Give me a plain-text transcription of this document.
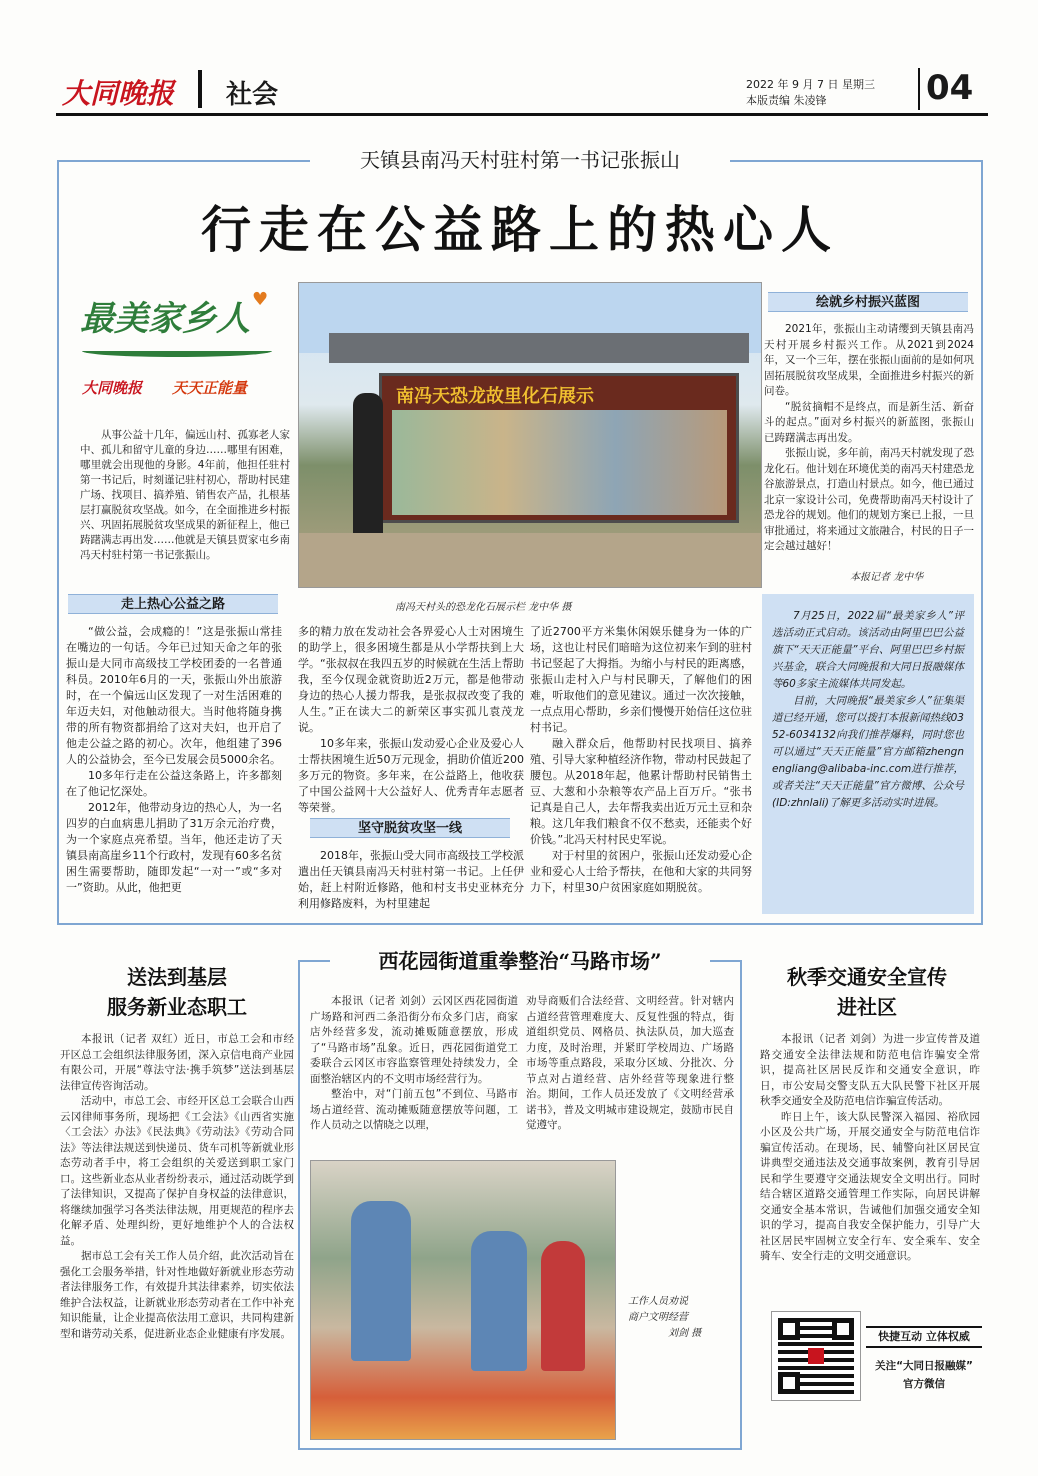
大同晚报	社会	2022 年 9 月 7 日 星期三
本版责编 朱凌锋	04
天镇县南冯天村驻村第一书记张振山
行走在公益路上的热心人
最美家乡人 ♥
大同晚报 天天正能量

从事公益十几年，偏远山村、孤寡老人家中、孤儿和留守儿童的身边……哪里有困难，哪里就会出现他的身影。4年前，他担任驻村第一书记后，时刻谨记驻村初心，帮助村民建广场、找项目、搞养殖、销售农产品，扎根基层打赢脱贫攻坚战。如今，在全面推进乡村振兴、巩固拓展脱贫攻坚成果的新征程上，他已踌躇满志再出发……他就是天镇县贾家屯乡南冯天村驻村第一书记张振山。

南冯天恐龙故里化石展示
南冯天村头的恐龙化石展示栏 龙中华 摄
走上热心公益之路

“做公益，会成瘾的！”这是张振山常挂在嘴边的一句话。今年已过知天命之年的张振山是大同市高级技工学校团委的一名普通科员。2010年6月的一天，张振山外出旅游时，在一个偏远山区发现了一对生活困难的年迈夫妇，对他触动很大。当时他将随身携带的所有物资都捐给了这对夫妇，也开启了他走公益之路的初心。次年，他组建了396人的公益协会，至今已发展会员5000余名。

10多年行走在公益这条路上，许多都刻在了他记忆深处。

2012年，他带动身边的热心人，为一名四岁的白血病患儿捐助了31万余元治疗费，为一个家庭点亮希望。当年，他还走访了天镇县南高崖乡11个行政村，发现有60多名贫困生需要帮助，随即发起“一对一”或“多对一”资助。从此，他把更

多的精力放在发动社会各界爱心人士对困境生的助学上，很多困境生都是从小学帮扶到上大学。“张叔叔在我四五岁的时候就在生活上帮助我，至今仅现金就资助近2万元，都是他带动身边的热心人援力帮我，是张叔叔改变了我的人生。”正在读大二的新荣区事实孤儿袁茂龙说。

10多年来，张振山发动爱心企业及爱心人士帮扶困境生近50万元现金，捐助价值近200多万元的物资。多年来，在公益路上，他收获了中国公益网十大公益好人、优秀青年志愿者等荣誉。

坚守脱贫攻坚一线

2018年，张振山受大同市高级技工学校派遣出任天镇县南冯天村驻村第一书记。上任伊始，赶上村附近修路，他和村支书史亚林充分利用修路废料，为村里建起

了近2700平方米集休闲娱乐健身为一体的广场，这也让村民们暗暗为这位初来乍到的驻村书记竖起了大拇指。为缩小与村民的距离感，张振山走村入户与村民聊天，了解他们的困难，听取他们的意见建议。通过一次次接触，一点点用心帮助，乡亲们慢慢开始信任这位驻村书记。

融入群众后，他帮助村民找项目、搞养殖、引导大家种植经济作物，带动村民鼓起了腰包。从2018年起，他累计帮助村民销售土豆、大葱和小杂粮等农产品上百万斤。“张书记真是自己人，去年帮我卖出近万元土豆和杂粮。这几年我们粮食不仅不愁卖，还能卖个好价钱。”北冯天村村民史军说。

对于村里的贫困户，张振山还发动爱心企业和爱心人士给予帮扶，在他和大家的共同努力下，村里30户贫困家庭如期脱贫。

绘就乡村振兴蓝图

2021年，张振山主动请缨到天镇县南冯天村开展乡村振兴工作。从2021到2024年，又一个三年，摆在张振山面前的是如何巩固拓展脱贫攻坚成果，全面推进乡村振兴的新问卷。

“脱贫摘帽不是终点，而是新生活、新奋斗的起点。”面对乡村振兴的新蓝图，张振山已踌躇满志再出发。

张振山说，多年前，南冯天村就发现了恐龙化石。他计划在环境优美的南冯天村建恐龙谷旅游景点，打造山村景点。如今，他已通过北京一家设计公司，免费帮助南冯天村设计了恐龙谷的规划。他们的规划方案已上报，一旦审批通过，将来通过文旅融合，村民的日子一定会越过越好！

本报记者 龙中华

7月25日，2022届“最美家乡人”评选活动正式启动。该活动由阿里巴巴公益旗下“天天正能量”平台、阿里巴巴乡村振兴基金，联合大同晚报和大同日报融媒体等60多家主流媒体共同发起。

目前，大同晚报“最美家乡人”征集渠道已经开通，您可以拨打本报新闻热线0352-6034132向我们推荐爆料，同时您也可以通过“天天正能量”官方邮箱zhengnengliang@alibaba-inc.com进行推荐，或者关注“天天正能量”官方微博、公众号(ID:zhnlali)了解更多活动实时进展。

送法到基层
服务新业态职工

本报讯（记者 双红）近日，市总工会和市经开区总工会组织法律服务团，深入京信电商产业园有限公司，开展“尊法守法·携手筑梦”送法到基层法律宣传咨询活动。

活动中，市总工会、市经开区总工会联合山西云冈律师事务所，现场把《工会法》《山西省实施〈工会法〉办法》《民法典》《劳动法》《劳动合同法》等法律法规送到快递员、货车司机等新就业形态劳动者手中，将工会组织的关爱送到职工家门口。这些新业态从业者纷纷表示，通过活动既学到了法律知识，又提高了保护自身权益的法律意识，将继续加强学习各类法律法规，用更规范的程序去化解矛盾、处理纠纷，更好地维护个人的合法权益。

据市总工会有关工作人员介绍，此次活动旨在强化工会服务举措，针对性地做好新就业形态劳动者法律服务工作，有效提升其法律素养，切实依法维护合法权益，让新就业形态劳动者在工作中补充知识能量，让企业提高依法用工意识，共同构建新型和谐劳动关系，促进新业态企业健康有序发展。

西花园街道重拳整治“马路市场”

本报讯（记者 刘剑）云冈区西花园街道广场路和河西二条沿街分布众多门店，商家店外经营多发，流动摊贩随意摆放，形成了“马路市场”乱象。近日，西花园街道党工委联合云冈区市容监察管理处持续发力，全面整治辖区内的不文明市场经营行为。

整治中，对“门前五包”不到位、马路市场占道经营、流动摊贩随意摆放等问题，工作人员动之以情晓之以理，

劝导商贩们合法经营、文明经营。针对辖内占道经营管理难度大、反复性强的特点，街道组织党员、网格员、执法队员，加大巡查力度，及时治理，并紧盯学校周边、广场路市场等重点路段，采取分区域、分批次、分节点对占道经营、店外经营等现象进行整治。期间，工作人员还发放了《文明经营承诺书》，普及文明城市建设规定，鼓励市民自觉遵守。

工作人员劝说
商户文明经营
刘剑 摄
秋季交通安全宣传
进社区

本报讯（记者 刘剑）为进一步宣传普及道路交通安全法律法规和防范电信诈骗安全常识，提高社区居民反诈和交通安全意识，昨日，市公安局交警支队五大队民警下社区开展秋季交通安全及防范电信诈骗宣传活动。

昨日上午，该大队民警深入福园、裕欣园小区及公共广场，开展交通安全与防范电信诈骗宣传活动。在现场，民、辅警向社区居民宣讲典型交通违法及交通事故案例，教育引导居民和学生要遵守交通法规安全文明出行。同时结合辖区道路交通管理工作实际，向居民讲解交通安全基本常识，告诫他们加强交通安全知识的学习，提高自我安全保护能力，引导广大社区居民牢固树立安全行车、安全乘车、安全骑车、安全行走的文明交通意识。

快捷互动 立体权威
关注“大同日报融媒”
官方微信
